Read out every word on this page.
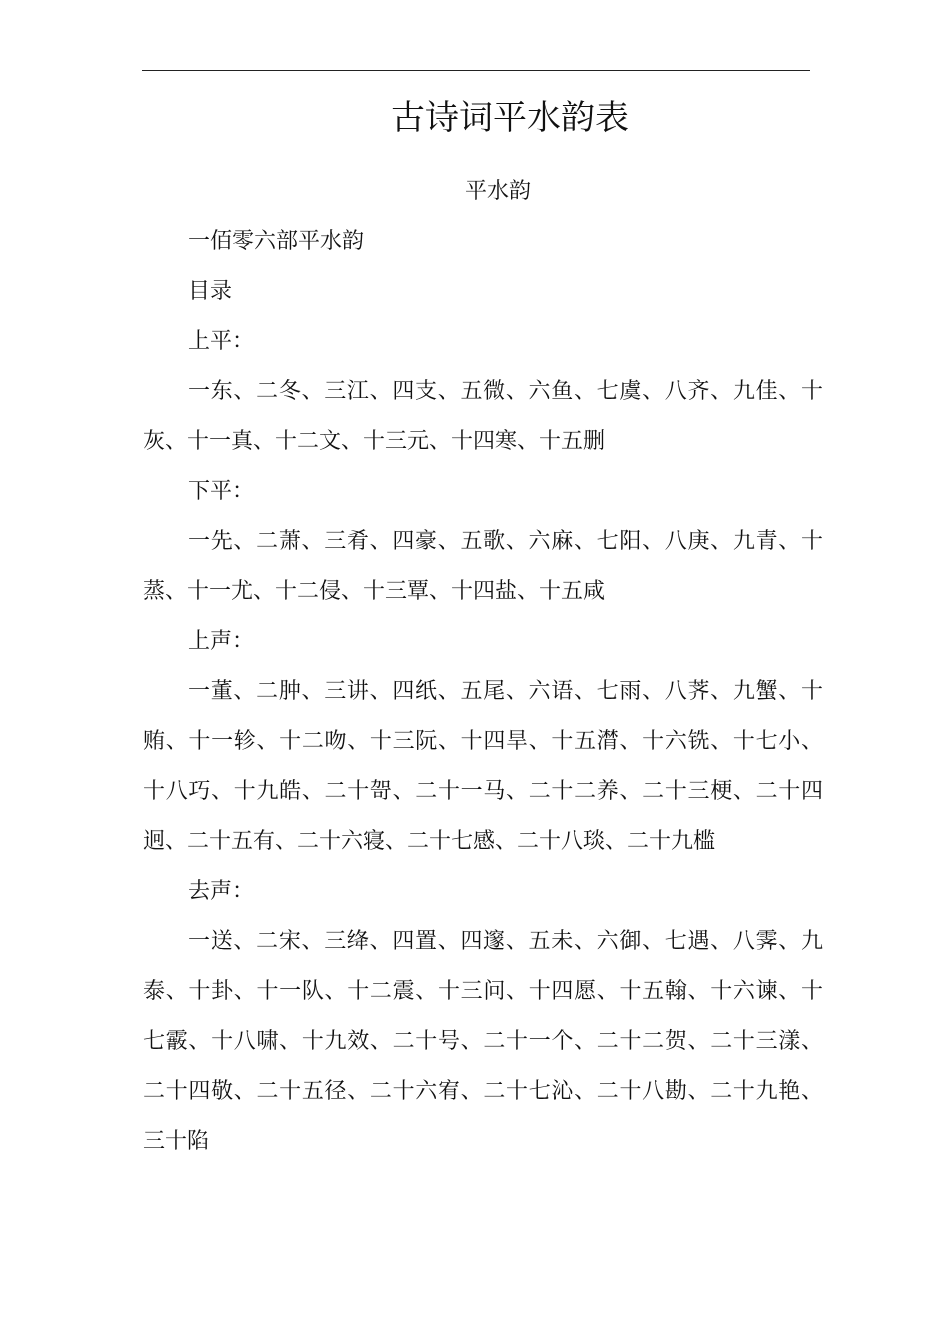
古诗词平水韵表
平水韵

一佰零六部平水韵

目录

上平：

一东、二冬、三江、四支、五微、六鱼、七虞、八齐、九佳、十灰、十一真、十二文、十三元、十四寒、十五删

下平：

一先、二萧、三肴、四豪、五歌、六麻、七阳、八庚、九青、十蒸、十一尤、十二侵、十三覃、十四盐、十五咸

上声：

一董、二肿、三讲、四纸、五尾、六语、七雨、八荠、九蟹、十贿、十一轸、十二吻、十三阮、十四旱、十五潸、十六铣、十七小、十八巧、十九皓、二十哿、二十一马、二十二养、二十三梗、二十四迥、二十五有、二十六寝、二十七感、二十八琰、二十九槛

去声：

一送、二宋、三绛、四置、四邃、五未、六御、七遇、八霁、九泰、十卦、十一队、十二震、十三问、十四愿、十五翰、十六谏、十七霰、十八啸、十九效、二十号、二十一个、二十二贺、二十三漾、二十四敬、二十五径、二十六宥、二十七沁、二十八勘、二十九艳、三十陷
